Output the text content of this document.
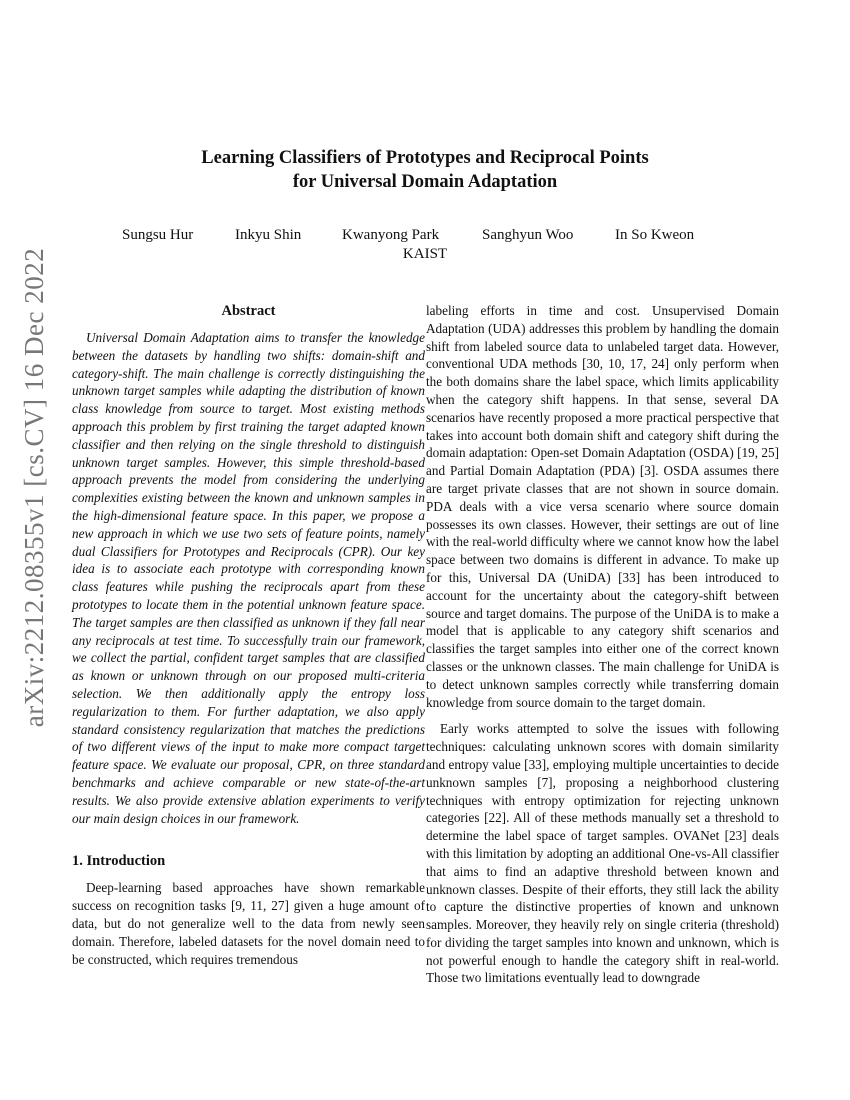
arXiv:2212.08355v1 [cs.CV] 16 Dec 2022
Learning Classifiers of Prototypes and Reciprocal Points
for Universal Domain Adaptation
Sungsu Hur	Inkyu Shin	Kwanyong Park	Sanghyun Woo	In So Kweon
KAIST
Abstract

Universal Domain Adaptation aims to transfer the knowledge between the datasets by handling two shifts: domain-shift and category-shift. The main challenge is correctly distinguishing the unknown target samples while adapting the distribution of known class knowledge from source to target. Most existing methods approach this problem by first training the target adapted known classifier and then relying on the single threshold to distinguish unknown target samples. However, this simple threshold-based approach prevents the model from considering the underlying complexities existing between the known and unknown samples in the high-dimensional feature space. In this paper, we propose a new approach in which we use two sets of feature points, namely dual Classifiers for Prototypes and Reciprocals (CPR). Our key idea is to associate each prototype with corresponding known class features while pushing the reciprocals apart from these prototypes to locate them in the potential unknown feature space. The target samples are then classified as unknown if they fall near any reciprocals at test time. To successfully train our framework, we collect the partial, confident target samples that are classified as known or unknown through on our proposed multi-criteria selection. We then additionally apply the entropy loss regularization to them. For further adaptation, we also apply standard consistency regularization that matches the predictions of two different views of the input to make more compact target feature space. We evaluate our proposal, CPR, on three standard benchmarks and achieve comparable or new state-of-the-art results. We also provide extensive ablation experiments to verify our main design choices in our framework.

1. Introduction

Deep-learning based approaches have shown remarkable success on recognition tasks [9, 11, 27] given a huge amount of data, but do not generalize well to the data from newly seen domain. Therefore, labeled datasets for the novel domain need to be constructed, which requires tremendous

labeling efforts in time and cost. Unsupervised Domain Adaptation (UDA) addresses this problem by handling the domain shift from labeled source data to unlabeled target data. However, conventional UDA methods [30, 10, 17, 24] only perform when the both domains share the label space, which limits applicability when the category shift happens. In that sense, several DA scenarios have recently proposed a more practical perspective that takes into account both domain shift and category shift during the domain adaptation: Open-set Domain Adaptation (OSDA) [19, 25] and Partial Domain Adaptation (PDA) [3]. OSDA assumes there are target private classes that are not shown in source domain. PDA deals with a vice versa scenario where source domain possesses its own classes. However, their settings are out of line with the real-world difficulty where we cannot know how the label space between two domains is different in advance. To make up for this, Universal DA (UniDA) [33] has been introduced to account for the uncertainty about the category-shift between source and target domains. The purpose of the UniDA is to make a model that is applicable to any category shift scenarios and classifies the target samples into either one of the correct known classes or the unknown classes. The main challenge for UniDA is to detect unknown samples correctly while transferring domain knowledge from source domain to the target domain.

Early works attempted to solve the issues with following techniques: calculating unknown scores with domain similarity and entropy value [33], employing multiple uncertainties to decide unknown samples [7], proposing a neighborhood clustering techniques with entropy optimization for rejecting unknown categories [22]. All of these methods manually set a threshold to determine the label space of target samples. OVANet [23] deals with this limitation by adopting an additional One-vs-All classifier that aims to find an adaptive threshold between known and unknown classes. Despite of their efforts, they still lack the ability to capture the distinctive properties of known and unknown samples. Moreover, they heavily rely on single criteria (threshold) for dividing the target samples into known and unknown, which is not powerful enough to handle the category shift in real-world. Those two limitations eventually lead to downgrade
